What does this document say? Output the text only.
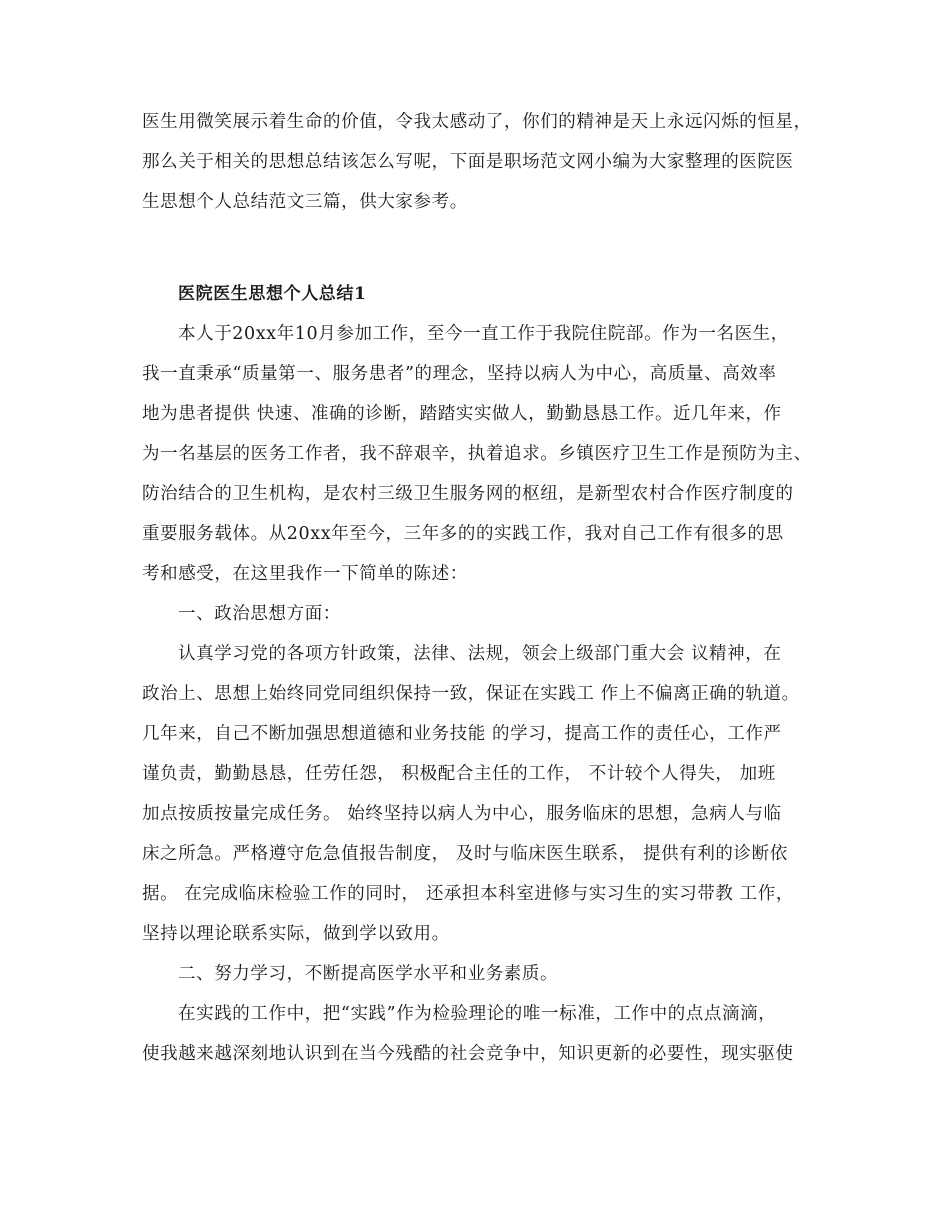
医生用微笑展示着生命的价值，令我太感动了，你们的精神是天上永远闪烁的恒星，
那么关于相关的思想总结该怎么写呢，下面是职场范文网小编为大家整理的医院医
生思想个人总结范文三篇，供大家参考。
医院医生思想个人总结1
本人于20xx年10月参加工作，至今一直工作于我院住院部。作为一名医生，
我一直秉承“质量第一、服务患者”的理念，坚持以病人为中心，高质量、高效率
地为患者提供 快速、准确的诊断，踏踏实实做人，勤勤恳恳工作。近几年来，作
为一名基层的医务工作者，我不辞艰辛，执着追求。乡镇医疗卫生工作是预防为主、
防治结合的卫生机构，是农村三级卫生服务网的枢纽，是新型农村合作医疗制度的
重要服务载体。从20xx年至今，三年多的的实践工作，我对自己工作有很多的思
考和感受，在这里我作一下简单的陈述：
一、政治思想方面：
认真学习党的各项方针政策，法律、法规，领会上级部门重大会 议精神，在
政治上、思想上始终同党同组织保持一致，保证在实践工 作上不偏离正确的轨道。
几年来，自己不断加强思想道德和业务技能 的学习，提高工作的责任心，工作严
谨负责，勤勤恳恳，任劳任怨， 积极配合主任的工作， 不计较个人得失， 加班
加点按质按量完成任务。 始终坚持以病人为中心，服务临床的思想，急病人与临
床之所急。严格遵守危急值报告制度， 及时与临床医生联系， 提供有利的诊断依
据。 在完成临床检验工作的同时， 还承担本科室进修与实习生的实习带教 工作，
坚持以理论联系实际，做到学以致用。
二、努力学习，不断提高医学水平和业务素质。
在实践的工作中，把“实践”作为检验理论的唯一标准，工作中的点点滴滴，
使我越来越深刻地认识到在当今残酷的社会竞争中，知识更新的必要性，现实驱使
